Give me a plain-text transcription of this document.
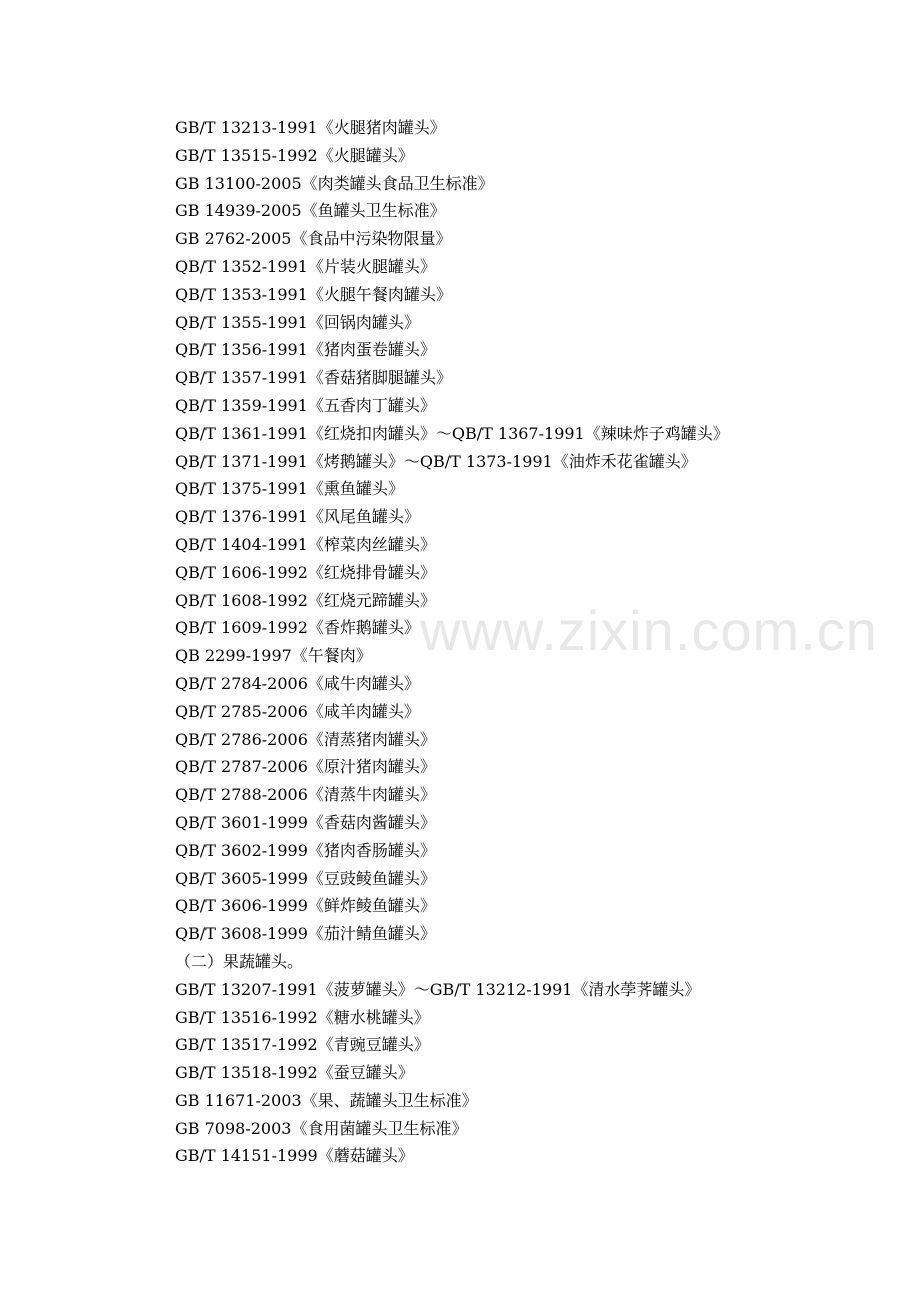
www.zixin.com.cn
GB/T 13213-1991《火腿猪肉罐头》
GB/T 13515-1992《火腿罐头》
GB 13100-2005《肉类罐头食品卫生标准》
GB 14939-2005《鱼罐头卫生标准》
GB 2762-2005《食品中污染物限量》
QB/T 1352-1991《片装火腿罐头》
QB/T 1353-1991《火腿午餐肉罐头》
QB/T 1355-1991《回锅肉罐头》
QB/T 1356-1991《猪肉蛋卷罐头》
QB/T 1357-1991《香菇猪脚腿罐头》
QB/T 1359-1991《五香肉丁罐头》
QB/T 1361-1991《红烧扣肉罐头》～QB/T 1367-1991《辣味炸子鸡罐头》
QB/T 1371-1991《烤鹅罐头》～QB/T 1373-1991《油炸禾花雀罐头》
QB/T 1375-1991《熏鱼罐头》
QB/T 1376-1991《风尾鱼罐头》
QB/T 1404-1991《榨菜肉丝罐头》
QB/T 1606-1992《红烧排骨罐头》
QB/T 1608-1992《红烧元蹄罐头》
QB/T 1609-1992《香炸鹅罐头》
QB 2299-1997《午餐肉》
QB/T 2784-2006《咸牛肉罐头》
QB/T 2785-2006《咸羊肉罐头》
QB/T 2786-2006《清蒸猪肉罐头》
QB/T 2787-2006《原汁猪肉罐头》
QB/T 2788-2006《清蒸牛肉罐头》
QB/T 3601-1999《香菇肉酱罐头》
QB/T 3602-1999《猪肉香肠罐头》
QB/T 3605-1999《豆豉鲮鱼罐头》
QB/T 3606-1999《鲜炸鲮鱼罐头》
QB/T 3608-1999《茄汁鲭鱼罐头》
（二）果蔬罐头。
GB/T 13207-1991《菠萝罐头》～GB/T 13212-1991《清水荸荠罐头》
GB/T 13516-1992《糖水桃罐头》
GB/T 13517-1992《青豌豆罐头》
GB/T 13518-1992《蚕豆罐头》
GB 11671-2003《果、蔬罐头卫生标准》
GB 7098-2003《食用菌罐头卫生标准》
GB/T 14151-1999《蘑菇罐头》
